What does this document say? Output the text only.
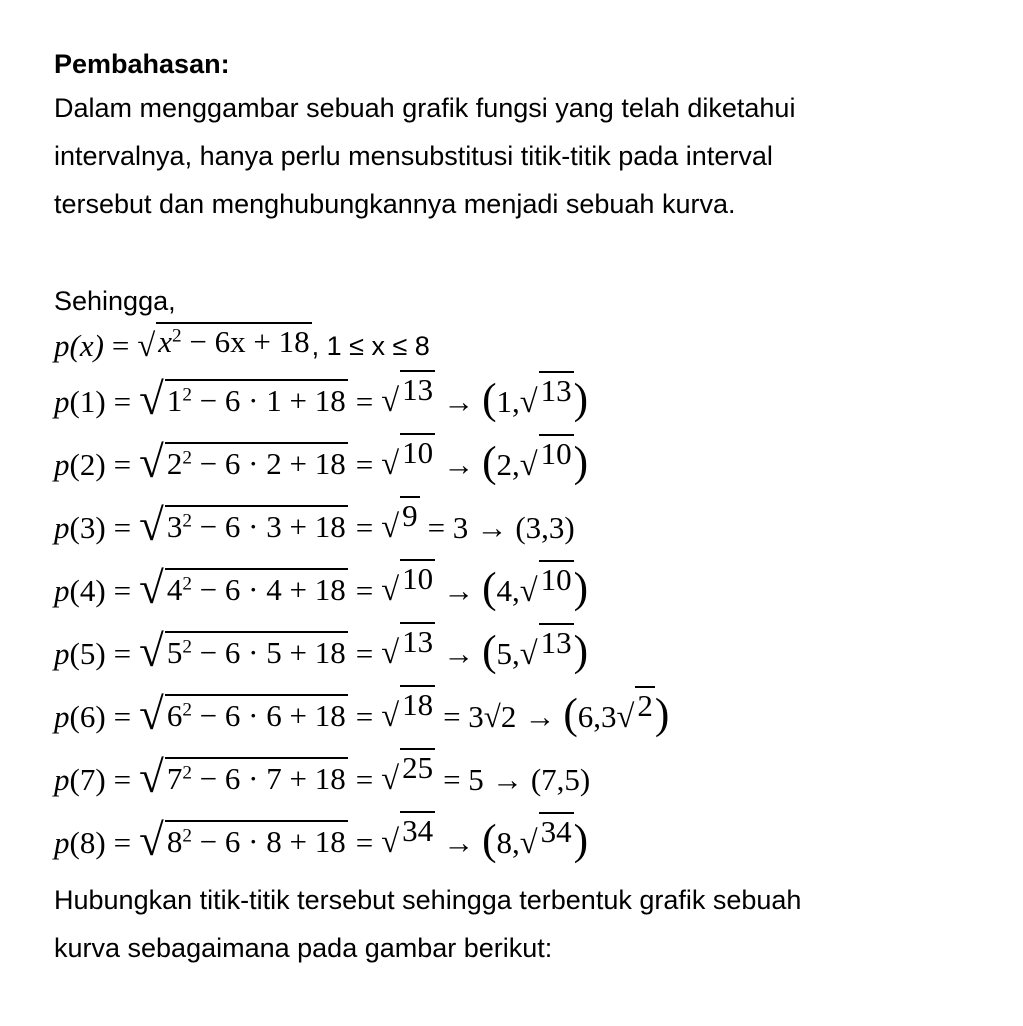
Pembahasan:

Dalam menggambar sebuah grafik fungsi yang telah diketahui

intervalnya, hanya perlu mensubstitusi titik-titik pada interval

tersebut dan menghubungkannya menjadi sebuah kurva.

Sehingga,

p(x) = √ $x^2 - 6x + 18$ , 1 ≤ x ≤ 8
p ( 1 ) = √ $1^2 - 6 \cdot 1 + 18$ = √ 13 → (1, √ 13 )
p ( 2 ) = √ $2^2 - 6 \cdot 2 + 18$ = √ 10 → (2, √ 10 )
p ( 3 ) = √ $3^2 - 6 \cdot 3 + 18$ = √ 9 = 3 → (3,3)
p ( 4 ) = √ $4^2 - 6 \cdot 4 + 18$ = √ 10 → (4, √ 10 )
p ( 5 ) = √ $5^2 - 6 \cdot 5 + 18$ = √ 13 → (5, √ 13 )
p ( 6 ) = √ $6^2 - 6 \cdot 6 + 18$ = √ 18 = 3√2 → (6,3 √ 2 )
p ( 7 ) = √ $7^2 - 6 \cdot 7 + 18$ = √ 25 = 5 → (7,5)
p ( 8 ) = √ $8^2 - 6 \cdot 8 + 18$ = √ 34 → (8, √ 34 )

Hubungkan titik-titik tersebut sehingga terbentuk grafik sebuah

kurva sebagaimana pada gambar berikut:
